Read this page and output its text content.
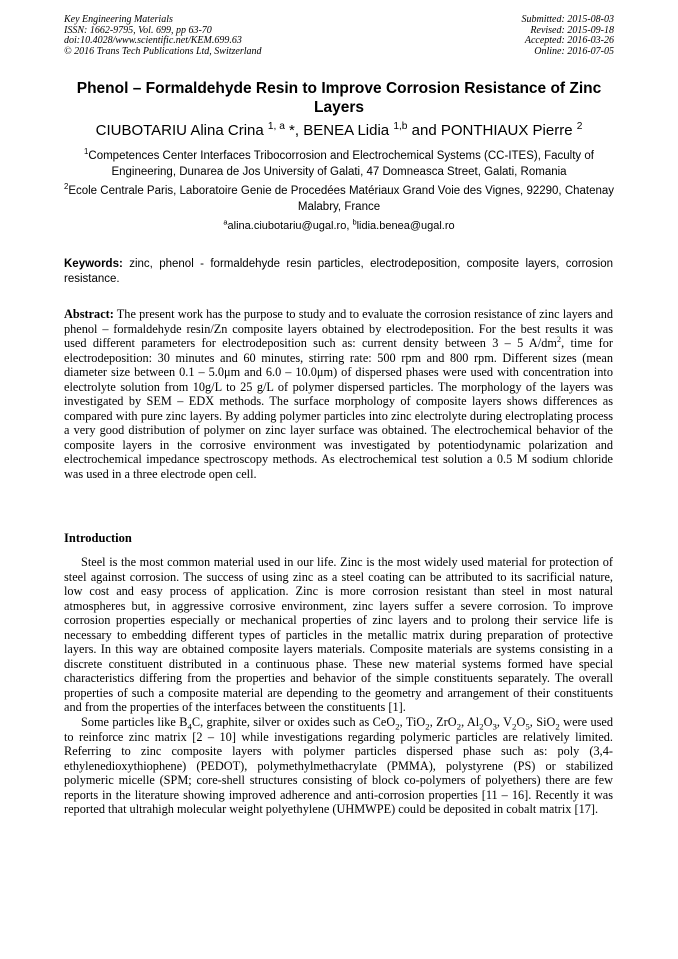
Key Engineering Materials
ISSN: 1662-9795, Vol. 699, pp 63-70
doi:10.4028/www.scientific.net/KEM.699.63
© 2016 Trans Tech Publications Ltd, Switzerland
Submitted: 2015-08-03
Revised: 2015-09-18
Accepted: 2016-03-26
Online: 2016-07-05
Phenol – Formaldehyde Resin to Improve Corrosion Resistance of Zinc Layers
CIUBOTARIU Alina Crina $^{1, a}$ *, BENEA Lidia $^{1,b}$ and PONTHIAUX Pierre $^2$
$^1$Competences Center Interfaces Tribocorrosion and Electrochemical Systems (CC-ITES), Faculty of Engineering, Dunarea de Jos University of Galati, 47 Domneasca Street, Galati, Romania
$^2$Ecole Centrale Paris, Laboratoire Genie de Procedées Matériaux Grand Voie des Vignes, 92290, Chatenay Malabry, France
$^a$alina.ciubotariu@ugal.ro, $^b$lidia.benea@ugal.ro
Keywords: zinc, phenol - formaldehyde resin particles, electrodeposition, composite layers, corrosion resistance.
Abstract: The present work has the purpose to study and to evaluate the corrosion resistance of zinc layers and phenol – formaldehyde resin/Zn composite layers obtained by electrodeposition. For the best results it was used different parameters for electrodeposition such as: current density between 3 – 5 $A/dm^2$, time for electrodeposition: 30 minutes and 60 minutes, stirring rate: 500 rpm and 800 rpm. Different sizes (mean diameter size between 0.1 – 5.0μm and 6.0 – 10.0μm) of dispersed phases were used with concentration into electrolyte solution from 10g/L to 25 g/L of polymer dispersed particles. The morphology of the layers was investigated by SEM – EDX methods. The surface morphology of composite layers shows differences as compared with pure zinc layers. By adding polymer particles into zinc electrolyte during electroplating process a very good distribution of polymer on zinc layer surface was obtained. The electrochemical behavior of the composite layers in the corrosive environment was investigated by potentiodynamic polarization and electrochemical impedance spectroscopy methods. As electrochemical test solution a 0.5 M sodium chloride was used in a three electrode open cell.
Introduction

Steel is the most common material used in our life. Zinc is the most widely used material for protection of steel against corrosion. The success of using zinc as a steel coating can be attributed to its sacrificial nature, low cost and easy process of application. Zinc is more corrosion resistant than steel in most natural atmospheres but, in aggressive corrosive environment, zinc layers suffer a severe corrosion. To improve corrosion properties especially or mechanical properties of zinc layers and to prolong their service life is necessary to embedding different types of particles in the metallic matrix during preparation of protective layers. In this way are obtained composite layers materials. Composite materials are systems consisting in a discrete constituent distributed in a continuous phase. These new material systems formed have special characteristics differing from the properties and behavior of the simple constituents separately. The overall properties of such a composite material are depending to the geometry and arrangement of their constituents and from the properties of the interfaces between the constituents [1].

Some particles like $B_4C$, graphite, silver or oxides such as CeO$_2$, TiO$_2$, ZrO$_2$, $Al_2O_3$, $V_2O_5$, SiO$_2$ were used to reinforce zinc matrix [2 – 10] while investigations regarding polymeric particles are relatively limited. Referring to zinc composite layers with polymer particles dispersed phase such as: poly (3,4-ethylenedioxythiophene) (PEDOT), polymethylmethacrylate (PMMA), polystyrene (PS) or stabilized polymeric micelle (SPM; core-shell structures consisting of block co-polymers of polyethers) there are few reports in the literature showing improved adherence and anti-corrosion properties [11 – 16]. Recently it was reported that ultrahigh molecular weight polyethylene (UHMWPE) could be deposited in cobalt matrix [17].
